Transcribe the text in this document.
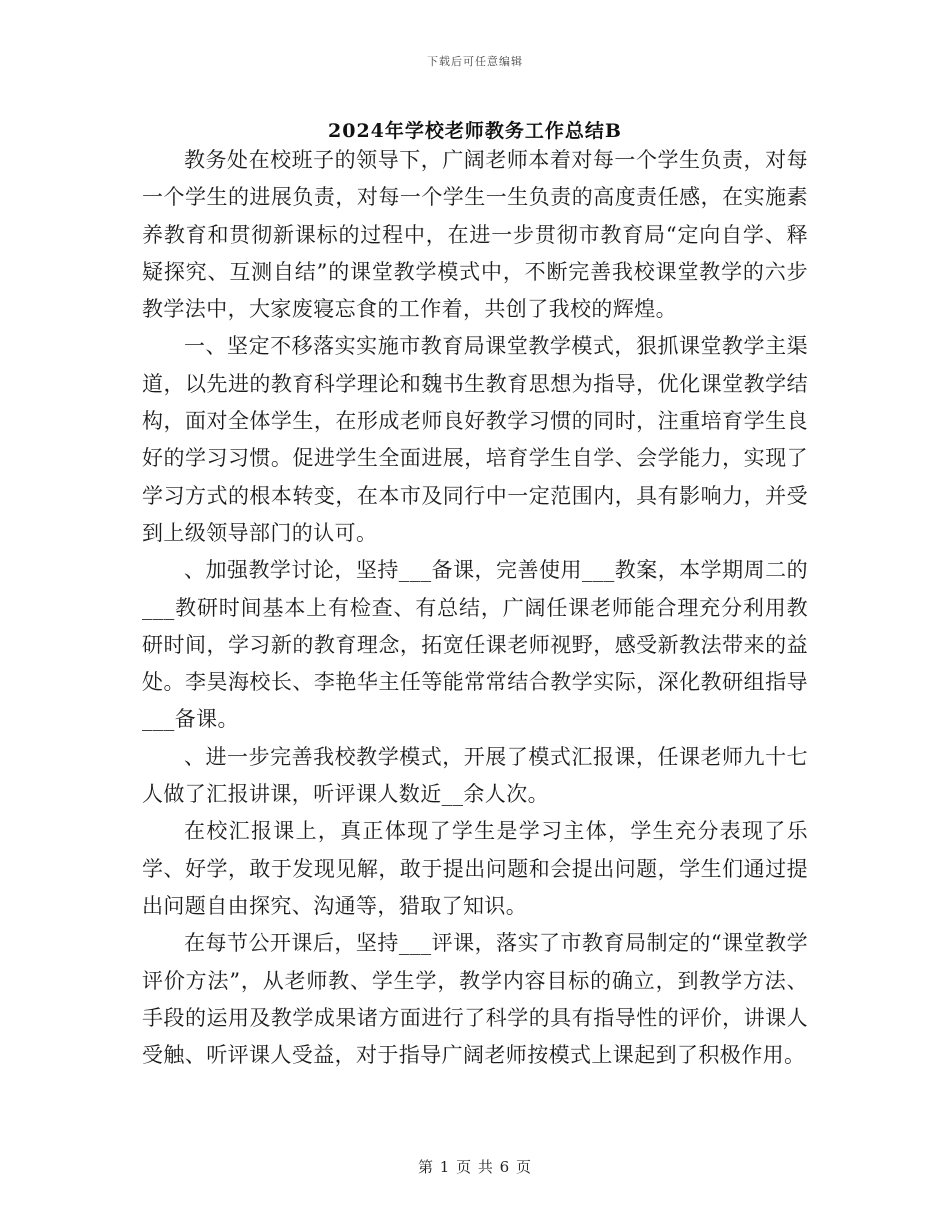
下载后可任意编辑
2024年学校老师教务工作总结B

教务处在校班子的领导下，广阔老师本着对每一个学生负责，对每一个学生的进展负责，对每一个学生一生负责的高度责任感，在实施素养教育和贯彻新课标的过程中，在进一步贯彻市教育局“定向自学、释疑探究、互测自结”的课堂教学模式中，不断完善我校课堂教学的六步教学法中，大家废寝忘食的工作着，共创了我校的辉煌。

一、坚定不移落实实施市教育局课堂教学模式，狠抓课堂教学主渠道，以先进的教育科学理论和魏书生教育思想为指导，优化课堂教学结构，面对全体学生，在形成老师良好教学习惯的同时，注重培育学生良好的学习习惯。促进学生全面进展，培育学生自学、会学能力，实现了学习方式的根本转变，在本市及同行中一定范围内，具有影响力，并受到上级领导部门的认可。

、加强教学讨论，坚持___备课，完善使用___教案，本学期周二的___教研时间基本上有检查、有总结，广阔任课老师能合理充分利用教研时间，学习新的教育理念，拓宽任课老师视野，感受新教法带来的益处。李昊海校长、李艳华主任等能常常结合教学实际，深化教研组指导___备课。

、进一步完善我校教学模式，开展了模式汇报课，任课老师九十七人做了汇报讲课，听评课人数近__余人次。

在校汇报课上，真正体现了学生是学习主体，学生充分表现了乐学、好学，敢于发现见解，敢于提出问题和会提出问题，学生们通过提出问题自由探究、沟通等，猎取了知识。

在每节公开课后，坚持___评课，落实了市教育局制定的“课堂教学评价方法”，从老师教、学生学，教学内容目标的确立，到教学方法、手段的运用及教学成果诸方面进行了科学的具有指导性的评价，讲课人受触、听评课人受益，对于指导广阔老师按模式上课起到了积极作用。

第 1 页 共 6 页
